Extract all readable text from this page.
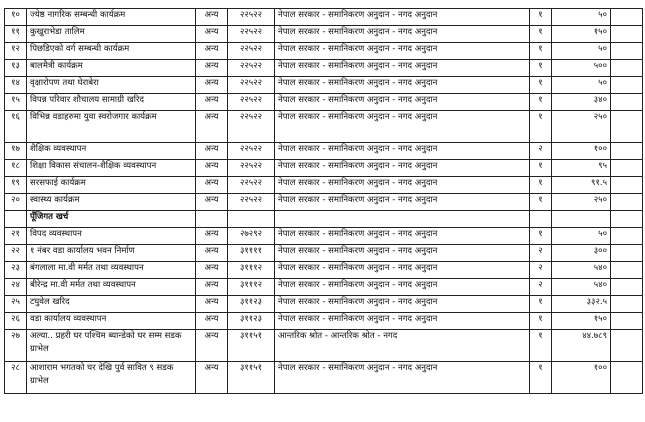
१०	ज्येष्ठ नागरिक सम्बन्धी कार्यक्रम	अन्य	२२५२२	नेपाल सरकार - समानिकरण अनुदान - नगद अनुदान	१	५०	
११	कुखुराभेडा तालिम	अन्य	२२५२२	नेपाल सरकार - समानिकरण अनुदान - नगद अनुदान	१	१५०	
१२	पिछडिएको वर्ग सम्बन्धी कार्यक्रम	अन्य	२२५२२	नेपाल सरकार - समानिकरण अनुदान - नगद अनुदान	१	५०	
१३	बालमैत्री कार्यक्रम	अन्य	२२५२२	नेपाल सरकार - समानिकरण अनुदान - नगद अनुदान	१	५००	
१४	वृक्षारोपण तथा घेराबेरा	अन्य	२२५२२	नेपाल सरकार - समानिकरण अनुदान - नगद अनुदान	१	५०	
१५	विपन्न परिवार शौचालय सामाग्री खरिद	अन्य	२२५२२	नेपाल सरकार - समानिकरण अनुदान - नगद अनुदान	१	३४०	
१६	विभिन्न वडाहरुमा युवा स्वरोजगार कार्यक्रम	अन्य	२२५२२	नेपाल सरकार - समानिकरण अनुदान - नगद अनुदान	१	२५०	
१७	शैक्षिक व्यवस्थापन	अन्य	२२५२२	नेपाल सरकार - समानिकरण अनुदान - नगद अनुदान	२	१००	
१८	शिक्षा विकास संचालन-शैक्षिक व्यवस्थापन	अन्य	२२५२२	नेपाल सरकार - समानिकरण अनुदान - नगद अनुदान	१	९५	
१९	सरसफाई कार्यक्रम	अन्य	२२५२२	नेपाल सरकार - समानिकरण अनुदान - नगद अनुदान	१	९१.५	
२०	स्वास्थ्य कार्यक्रम	अन्य	२२५२२	नेपाल सरकार - समानिकरण अनुदान - नगद अनुदान	१	२५०	
	पूँजिगत खर्च						
२१	विपद व्यवस्थापन	अन्य	२७२९२	नेपाल सरकार - समानिकरण अनुदान - नगद अनुदान	१	५०	
२२	१ नंबर वडा कार्यालय भवन निर्माण	अन्य	३११११	नेपाल सरकार - समानिकरण अनुदान - नगद अनुदान	२	३००	
२३	बंगलाला मा.वी मर्मत तथा व्यवस्थापन	अन्य	३१११२	नेपाल सरकार - समानिकरण अनुदान - नगद अनुदान	२	५४०	
२४	बीरेन्द्र मा.वी मर्मत तथा व्यवस्थापन	अन्य	३१११२	नेपाल सरकार - समानिकरण अनुदान - नगद अनुदान	२	५४०	
२५	टघुवेल खरिद	अन्य	३११२३	नेपाल सरकार - समानिकरण अनुदान - नगद अनुदान	१	३३२.५	
२६	वडा कार्यालय व्यवस्थापन	अन्य	३११२३	नेपाल सरकार - समानिकरण अनुदान - नगद अनुदान	१	१५०	
२७	अल्या.. प्रहरी घर पश्चिम ब्यान्डेको घर सम्म सडक ग्राभेल	अन्य	३११५१	आन्तरिक श्रोत - आन्तरिक श्रोत - नगद	१	४४.७८९	
२८	आशाराम भगतको घर देखि पुर्व सावित ९ सडक ग्राभेल	अन्य	३११५१	नेपाल सरकार - समानिकरण अनुदान - नगद अनुदान	१	१००	
